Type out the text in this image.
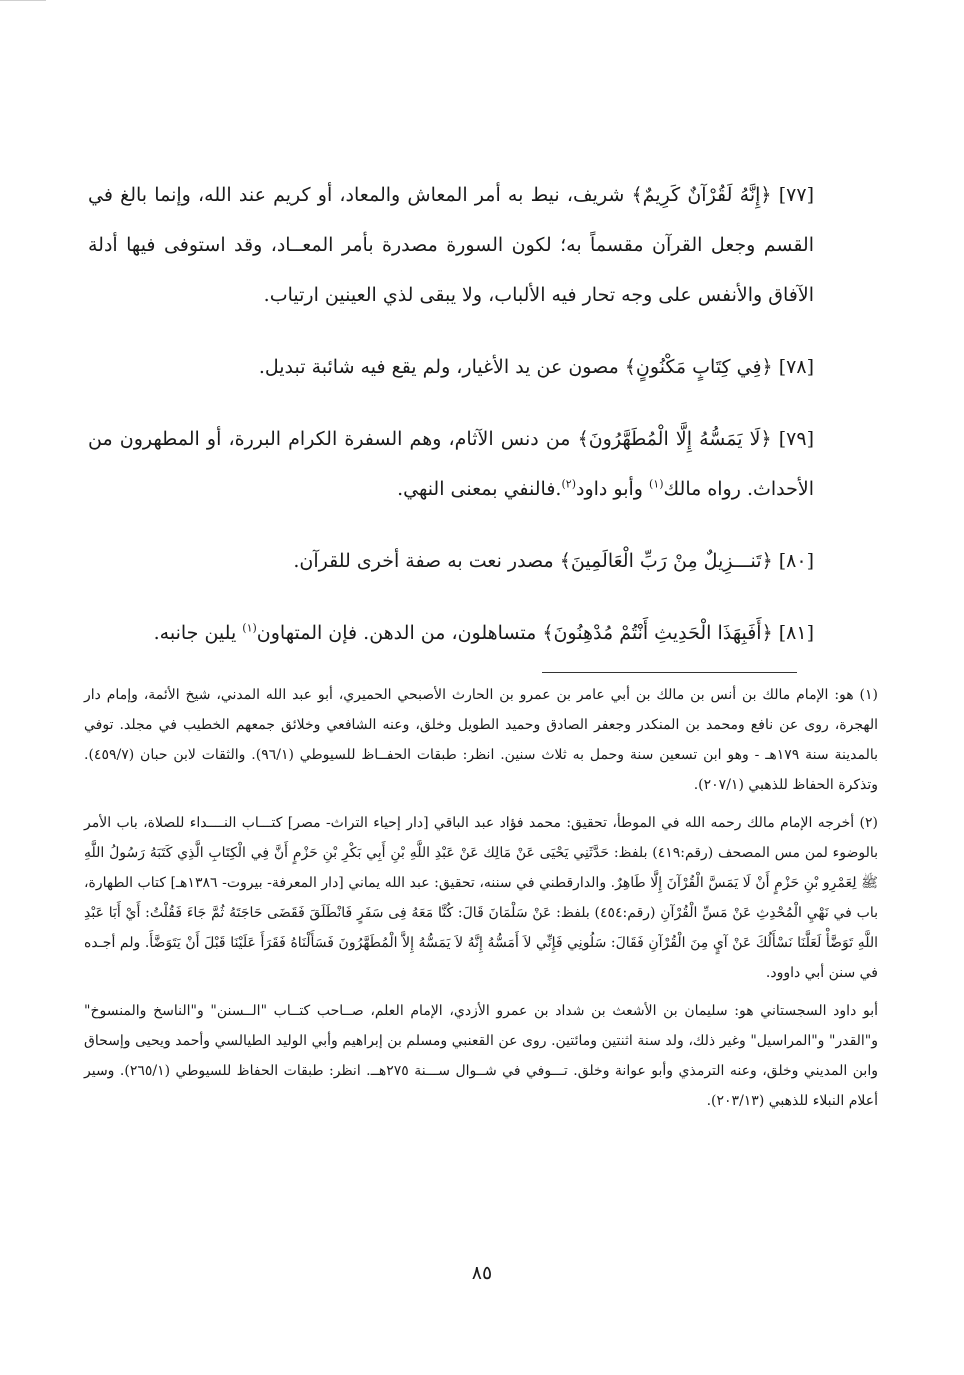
[٧٧] ﴿إِنَّهُ لَقُرْآنٌ كَرِيمٌ﴾ شريف، نيط به أمر المعاش والمعاد، أو كريم عند الله، وإنما بالغ في القسم وجعل القرآن مقسماً به؛ لكون السورة مصدرة بأمر المعــاد، وقد استوفى فيها أدلة الآفاق والأنفس على وجه تحار فيه الألباب، ولا يبقى لذي العينين ارتياب.

[٧٨] ﴿فِي كِتَابٍ مَكْنُونٍ﴾ مصون عن يد الأغيار، ولم يقع فيه شائبة تبديل.

[٧٩] ﴿لَا يَمَسُّهُ إِلَّا الْمُطَهَّرُونَ﴾ من دنس الآثام، وهم السفرة الكرام البررة، أو المطهرون من الأحداث. رواه مالك$^{(١)}$ وأبو داود$^{(٢)}$.فالنفي بمعنى النهي.

[٨٠] ﴿تَنـــزِيلٌ مِنْ رَبِّ الْعَالَمِينَ﴾ مصدر نعت به صفة أخرى للقرآن.

[٨١] ﴿أَفَبِهَذَا الْحَدِيثِ أَنْتُمْ مُدْهِنُونَ﴾ متساهلون، من الدهن. فإن المتهاون$^{(١)}$ يلين جانبه.

(١) هو: الإمام مالك بن أنس بن مالك بن أبي عامر بن عمرو بن الحارث الأصبحي الحميري، أبو عبد الله المدني، شيخ الأئمة، وإمام دار الهجرة، روى عن نافع ومحمد بن المنكدر وجعفر الصادق وحميد الطويل وخلق، وعنه الشافعي وخلائق جمعهم الخطيب في مجلد. توفي بالمدينة سنة ١٧٩هـ - وهو ابن تسعين سنة وحمل به ثلاث سنين. انظر: طبقات الحفــاظ للسيوطي (٩٦/١). والثقات لابن حبان (٤٥٩/٧). وتذكرة الحفاظ للذهبي (٢٠٧/١).

(٢) أخرجه الإمام مالك رحمه الله في الموطأ، تحقيق: محمد فؤاد عبد الباقي [دار إحياء التراث- مصر] كتـــاب النــــداء للصلاة، باب الأمر بالوضوء لمن مس المصحف (رقم:٤١٩) بلفظ: حَدَّثَنِي يَحْيَى عَنْ مَالِك عَنْ عَبْدِ اللَّهِ بْنِ أَبِي بَكْرِ بْنِ حَزْمٍ أَنَّ فِي الْكِتَابِ الَّذِي كَتَبَهُ رَسُولُ اللَّهِ ﷺ لِعَمْرِو بْنِ حَزْمٍ أَنْ لَا يَمَسَّ الْقُرْآنَ إِلَّا طَاهِرٌ. والدارقطني في سننه، تحقيق: عبد الله يماني [دار المعرفة- بيروت- ١٣٨٦هـ] كتاب الطهارة، باب في نَهْيِ الْمُحْدِثِ عَنْ مَسِّ الْقُرْآنِ (رقم:٤٥٤) بلفظ: عَنْ سَلْمَانَ قَالَ: كُنَّا مَعَهُ فِى سَفَرٍ فَانْطَلَقَ فَقَضَى حَاجَتَهُ ثُمَّ جَاءَ فَقُلْتُ: أَيْ أَبَا عَبْدِ اللَّهِ تَوَضَّأْ لَعَلَّنَا نَسْأَلُكَ عَنْ آيٍ مِنَ الْقُرْآنِ فَقَالَ: سَلُونِي فَإِنِّي لاَ أَمَسُّهُ إِنَّهُ لاَ يَمَسُّهُ إِلاَّ الْمُطَهَّرُونَ فَسَأَلْنَاهُ فَقَرَأَ عَلَيْنَا قَبْلَ أَنْ يَتَوَضَّأَ. ولم أجـده في سنن أبي داوود.

أبو داود السجستاني هو: سليمان بن الأشعث بن شداد بن عمرو الأزدي، الإمام العلم، صــاحب كتــاب "الــسنن" و"الناسخ والمنسوخ" و"القدر" و"المراسيل" وغير ذلك، ولد سنة اثنتين ومائتين. روى عن القعنبي ومسلم بن إبراهيم وأبي الوليد الطيالسي وأحمد ويحيى وإسحاق وابن المديني وخلق، وعنه الترمذي وأبو عوانة وخلق. تـــوفي في شــوال ســـنة ٢٧٥هــ. انظر: طبقات الحفاظ للسيوطي (٢٦٥/١). وسير أعلام النبلاء للذهبي (٢٠٣/١٣).

٨٥
